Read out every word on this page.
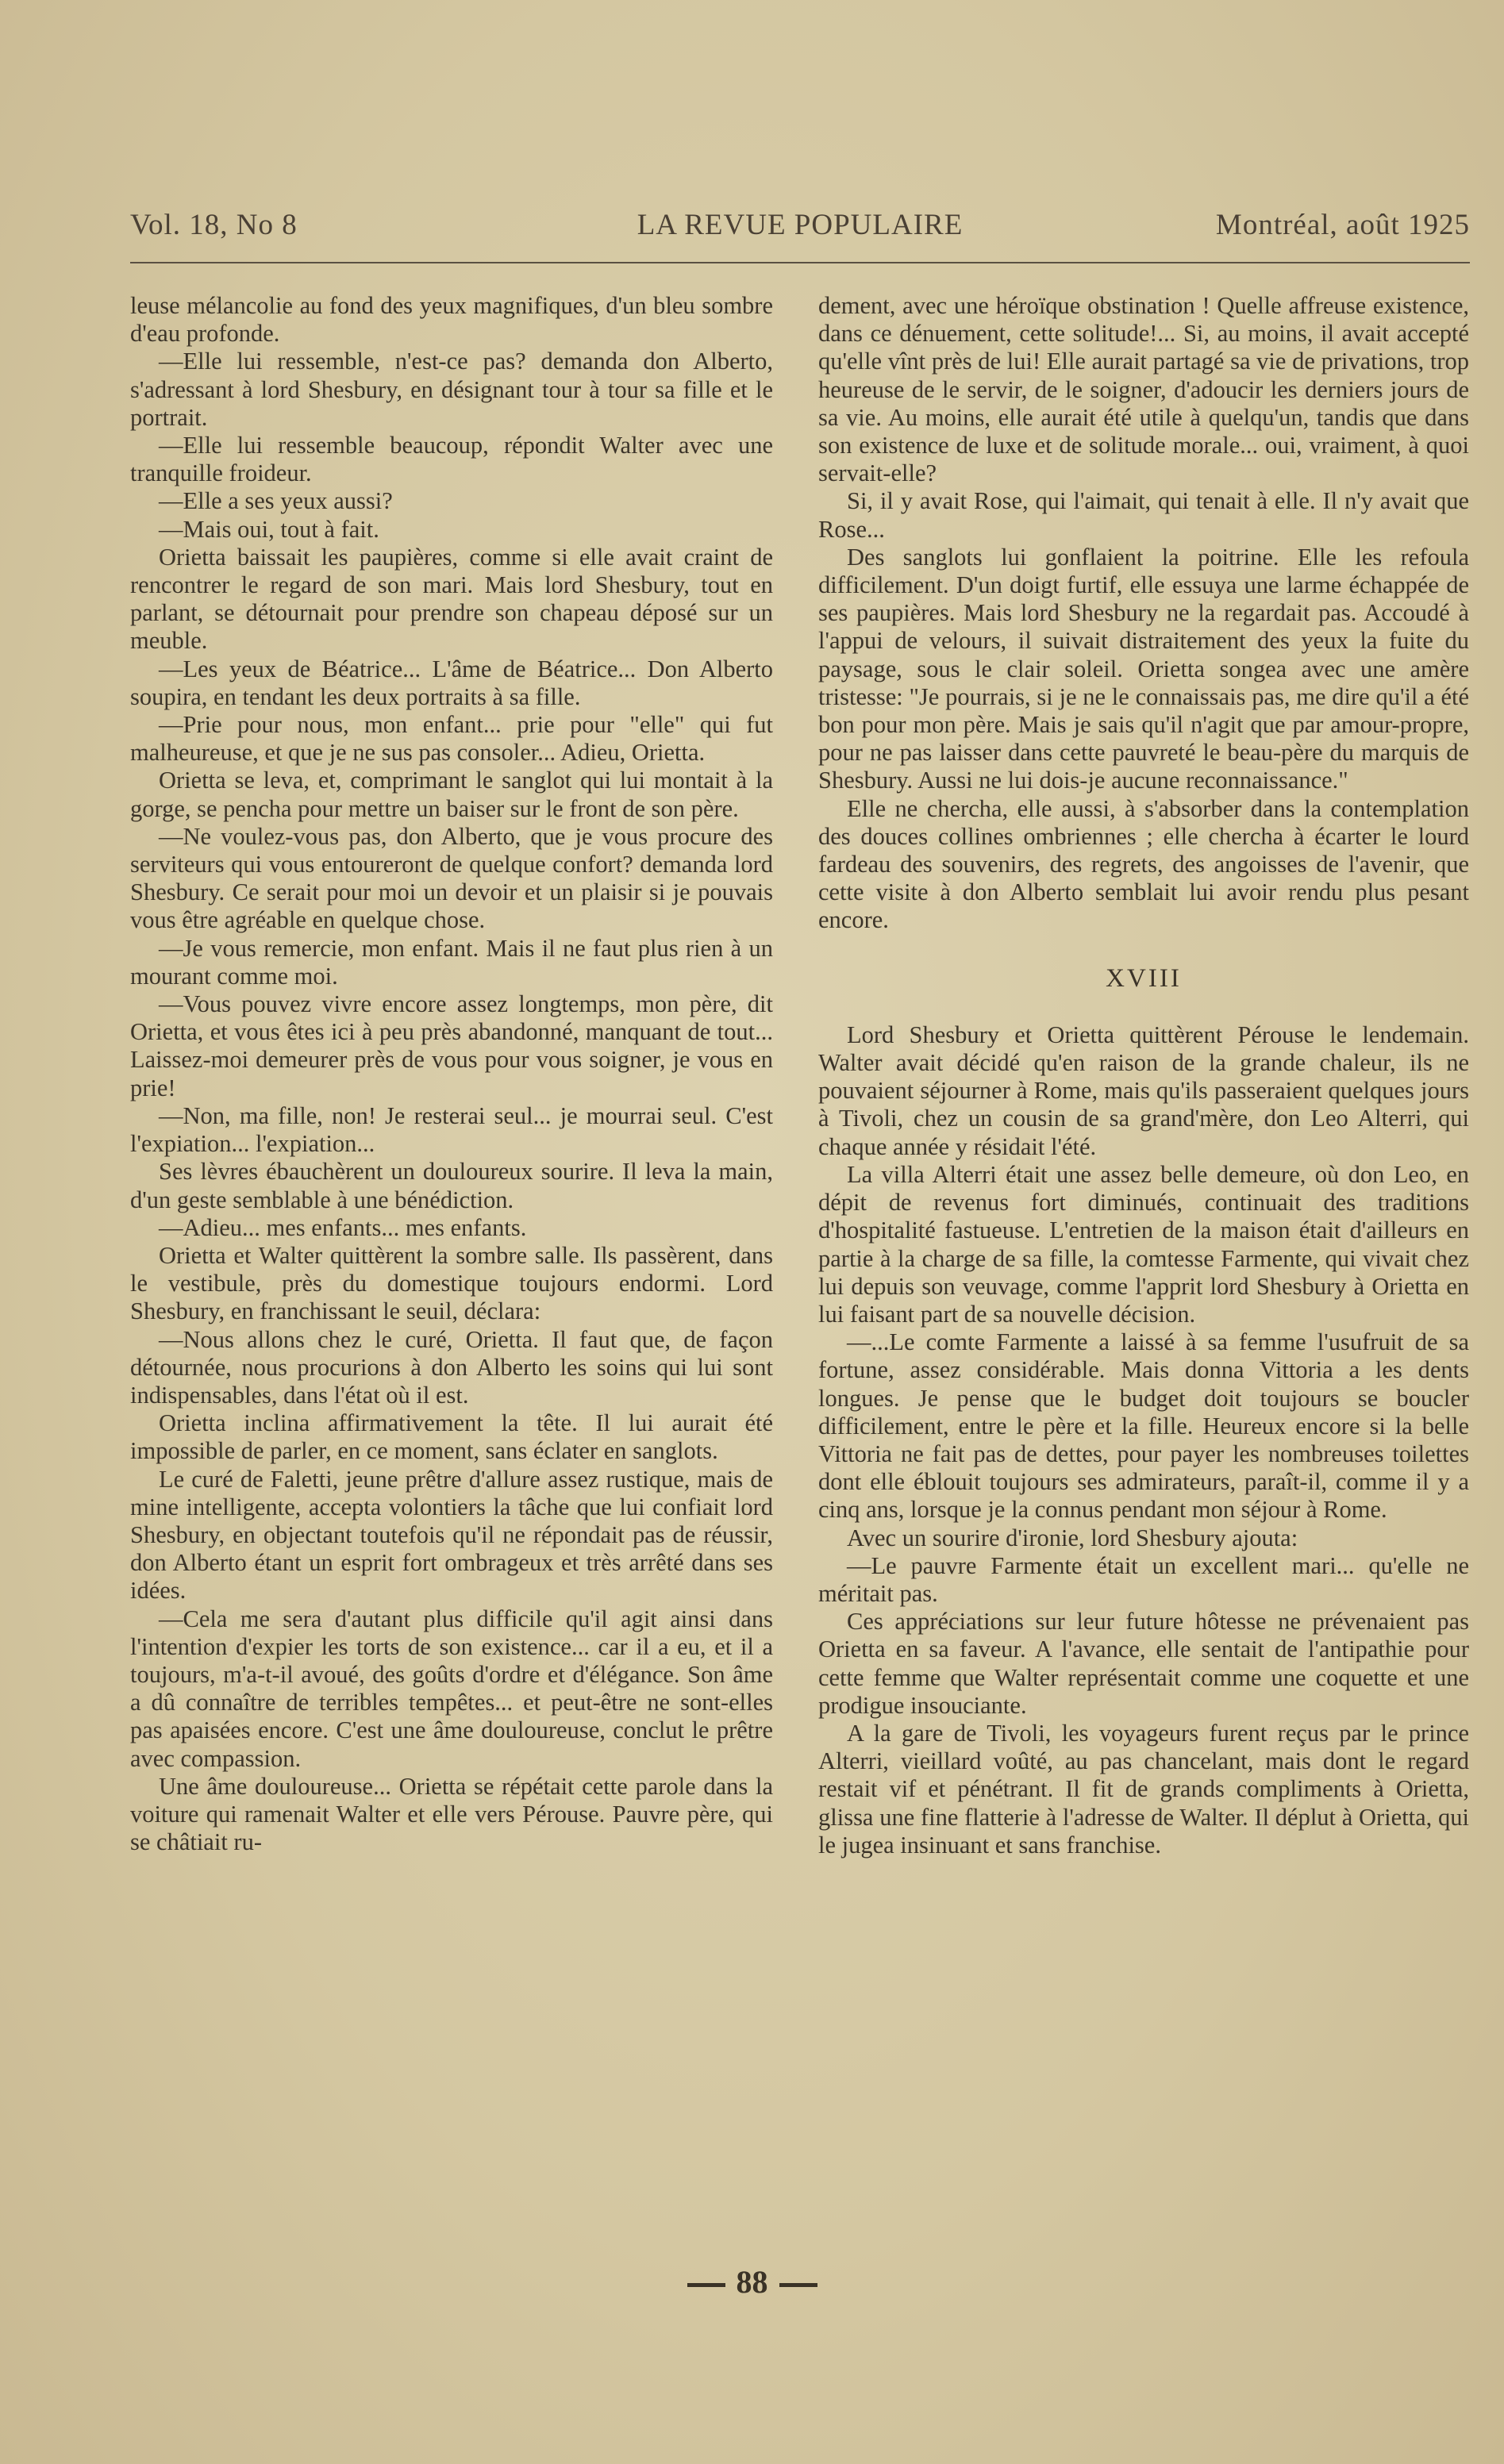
Vol. 18, No 8	LA REVUE POPULAIRE	Montréal, août 1925

leuse mélancolie au fond des yeux magnifiques, d'un bleu sombre d'eau profonde.

—Elle lui ressemble, n'est-ce pas? demanda don Alberto, s'adressant à lord Shesbury, en désignant tour à tour sa fille et le portrait.

—Elle lui ressemble beaucoup, répondit Walter avec une tranquille froideur.

—Elle a ses yeux aussi?

—Mais oui, tout à fait.

Orietta baissait les paupières, comme si elle avait craint de rencontrer le regard de son mari. Mais lord Shesbury, tout en parlant, se détournait pour prendre son chapeau déposé sur un meuble.

—Les yeux de Béatrice... L'âme de Béatrice... Don Alberto soupira, en tendant les deux portraits à sa fille.

—Prie pour nous, mon enfant... prie pour "elle" qui fut malheureuse, et que je ne sus pas consoler... Adieu, Orietta.

Orietta se leva, et, comprimant le sanglot qui lui montait à la gorge, se pencha pour mettre un baiser sur le front de son père.

—Ne voulez-vous pas, don Alberto, que je vous procure des serviteurs qui vous entoureront de quelque confort? demanda lord Shesbury. Ce serait pour moi un devoir et un plaisir si je pouvais vous être agréable en quelque chose.

—Je vous remercie, mon enfant. Mais il ne faut plus rien à un mourant comme moi.

—Vous pouvez vivre encore assez longtemps, mon père, dit Orietta, et vous êtes ici à peu près abandonné, manquant de tout... Laissez-moi demeurer près de vous pour vous soigner, je vous en prie!

—Non, ma fille, non! Je resterai seul... je mourrai seul. C'est l'expiation... l'expiation...

Ses lèvres ébauchèrent un douloureux sourire. Il leva la main, d'un geste semblable à une bénédiction.

—Adieu... mes enfants... mes enfants.

Orietta et Walter quittèrent la sombre salle. Ils passèrent, dans le vestibule, près du domestique toujours endormi. Lord Shesbury, en franchissant le seuil, déclara:

—Nous allons chez le curé, Orietta. Il faut que, de façon détournée, nous procurions à don Alberto les soins qui lui sont indispensables, dans l'état où il est.

Orietta inclina affirmativement la tête. Il lui aurait été impossible de parler, en ce moment, sans éclater en sanglots.

Le curé de Faletti, jeune prêtre d'allure assez rustique, mais de mine intelligente, accepta volontiers la tâche que lui confiait lord Shesbury, en objectant toutefois qu'il ne répondait pas de réussir, don Alberto étant un esprit fort ombrageux et très arrêté dans ses idées.

—Cela me sera d'autant plus difficile qu'il agit ainsi dans l'intention d'expier les torts de son existence... car il a eu, et il a toujours, m'a-t-il avoué, des goûts d'ordre et d'élégance. Son âme a dû connaître de terribles tempêtes... et peut-être ne sont-elles pas apaisées encore. C'est une âme douloureuse, conclut le prêtre avec compassion.

Une âme douloureuse... Orietta se répétait cette parole dans la voiture qui ramenait Walter et elle vers Pérouse. Pauvre père, qui se châtiait ru-

dement, avec une héroïque obstination ! Quelle affreuse existence, dans ce dénuement, cette solitude!... Si, au moins, il avait accepté qu'elle vînt près de lui! Elle aurait partagé sa vie de privations, trop heureuse de le servir, de le soigner, d'adoucir les derniers jours de sa vie. Au moins, elle aurait été utile à quelqu'un, tandis que dans son existence de luxe et de solitude morale... oui, vraiment, à quoi servait-elle?

Si, il y avait Rose, qui l'aimait, qui tenait à elle. Il n'y avait que Rose...

Des sanglots lui gonflaient la poitrine. Elle les refoula difficilement. D'un doigt furtif, elle essuya une larme échappée de ses paupières. Mais lord Shesbury ne la regardait pas. Accoudé à l'appui de velours, il suivait distraitement des yeux la fuite du paysage, sous le clair soleil. Orietta songea avec une amère tristesse: "Je pourrais, si je ne le connaissais pas, me dire qu'il a été bon pour mon père. Mais je sais qu'il n'agit que par amour-propre, pour ne pas laisser dans cette pauvreté le beau-père du marquis de Shesbury. Aussi ne lui dois-je aucune reconnaissance."

Elle ne chercha, elle aussi, à s'absorber dans la contemplation des douces collines ombriennes ; elle chercha à écarter le lourd fardeau des souvenirs, des regrets, des angoisses de l'avenir, que cette visite à don Alberto semblait lui avoir rendu plus pesant encore.

XVIII

Lord Shesbury et Orietta quittèrent Pérouse le lendemain. Walter avait décidé qu'en raison de la grande chaleur, ils ne pouvaient séjourner à Rome, mais qu'ils passeraient quelques jours à Tivoli, chez un cousin de sa grand'mère, don Leo Alterri, qui chaque année y résidait l'été.

La villa Alterri était une assez belle demeure, où don Leo, en dépit de revenus fort diminués, continuait des traditions d'hospitalité fastueuse. L'entretien de la maison était d'ailleurs en partie à la charge de sa fille, la comtesse Farmente, qui vivait chez lui depuis son veuvage, comme l'apprit lord Shesbury à Orietta en lui faisant part de sa nouvelle décision.

—...Le comte Farmente a laissé à sa femme l'usufruit de sa fortune, assez considérable. Mais donna Vittoria a les dents longues. Je pense que le budget doit toujours se boucler difficilement, entre le père et la fille. Heureux encore si la belle Vittoria ne fait pas de dettes, pour payer les nombreuses toilettes dont elle éblouit toujours ses admirateurs, paraît-il, comme il y a cinq ans, lorsque je la connus pendant mon séjour à Rome.

Avec un sourire d'ironie, lord Shesbury ajouta:

—Le pauvre Farmente était un excellent mari... qu'elle ne méritait pas.

Ces appréciations sur leur future hôtesse ne prévenaient pas Orietta en sa faveur. A l'avance, elle sentait de l'antipathie pour cette femme que Walter représentait comme une coquette et une prodigue insouciante.

A la gare de Tivoli, les voyageurs furent reçus par le prince Alterri, vieillard voûté, au pas chancelant, mais dont le regard restait vif et pénétrant. Il fit de grands compliments à Orietta, glissa une fine flatterie à l'adresse de Walter. Il déplut à Orietta, qui le jugea insinuant et sans franchise.

88
